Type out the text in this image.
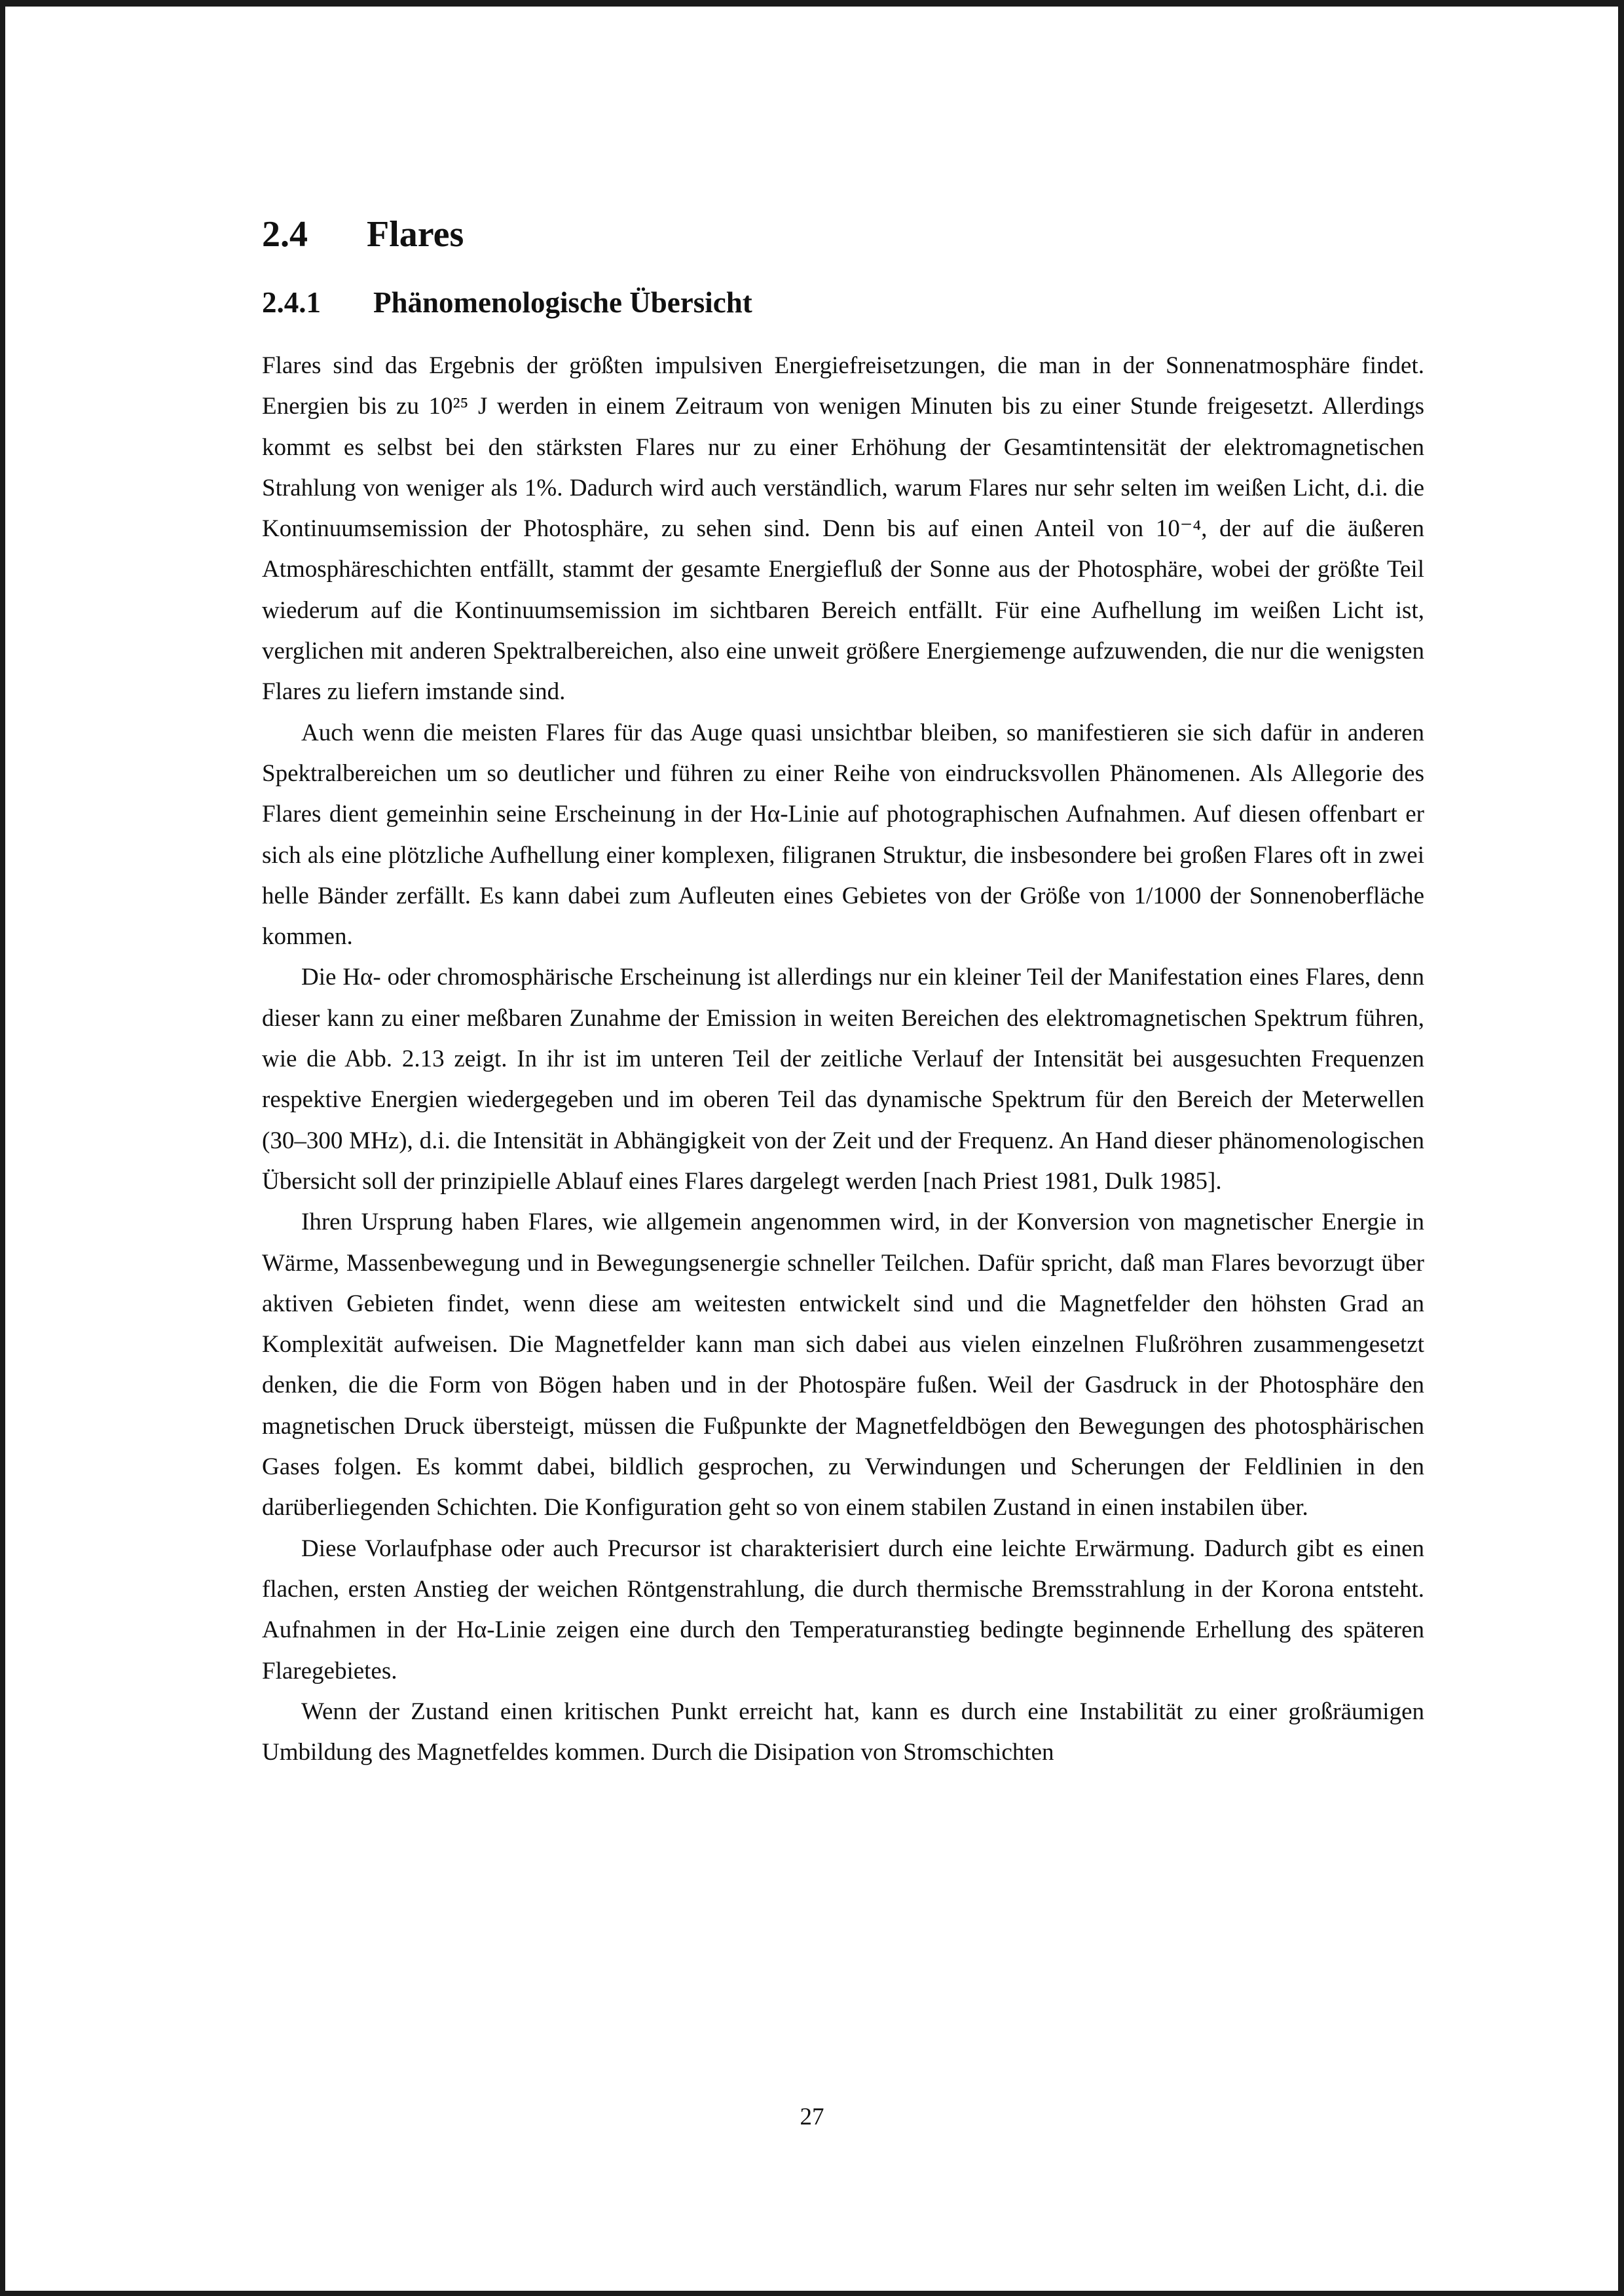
2.4 Flares
2.4.1 Phänomenologische Übersicht

Flares sind das Ergebnis der größten impulsiven Energiefreisetzungen, die man in der Sonnenatmosphäre findet. Energien bis zu 10²⁵ J werden in einem Zeitraum von wenigen Minuten bis zu einer Stunde freigesetzt. Allerdings kommt es selbst bei den stärksten Flares nur zu einer Erhöhung der Gesamtintensität der elektromagnetischen Strahlung von weniger als 1%. Dadurch wird auch verständlich, warum Flares nur sehr selten im weißen Licht, d.i. die Kontinuumsemission der Photosphäre, zu sehen sind. Denn bis auf einen Anteil von 10⁻⁴, der auf die äußeren Atmosphäreschichten entfällt, stammt der gesamte Energiefluß der Sonne aus der Photosphäre, wobei der größte Teil wiederum auf die Kontinuumsemission im sichtbaren Bereich entfällt. Für eine Aufhellung im weißen Licht ist, verglichen mit anderen Spektralbereichen, also eine unweit größere Energiemenge aufzuwenden, die nur die wenigsten Flares zu liefern imstande sind.

Auch wenn die meisten Flares für das Auge quasi unsichtbar bleiben, so manifestieren sie sich dafür in anderen Spektralbereichen um so deutlicher und führen zu einer Reihe von eindrucksvollen Phänomenen. Als Allegorie des Flares dient gemeinhin seine Erscheinung in der Hα-Linie auf photographischen Aufnahmen. Auf diesen offenbart er sich als eine plötzliche Aufhellung einer komplexen, filigranen Struktur, die insbesondere bei großen Flares oft in zwei helle Bänder zerfällt. Es kann dabei zum Aufleuten eines Gebietes von der Größe von 1/1000 der Sonnenoberfläche kommen.

Die Hα- oder chromosphärische Erscheinung ist allerdings nur ein kleiner Teil der Manifestation eines Flares, denn dieser kann zu einer meßbaren Zunahme der Emission in weiten Bereichen des elektromagnetischen Spektrum führen, wie die Abb. 2.13 zeigt. In ihr ist im unteren Teil der zeitliche Verlauf der Intensität bei ausgesuchten Frequenzen respektive Energien wiedergegeben und im oberen Teil das dynamische Spektrum für den Bereich der Meterwellen (30–300 MHz), d.i. die Intensität in Abhängigkeit von der Zeit und der Frequenz. An Hand dieser phänomenologischen Übersicht soll der prinzipielle Ablauf eines Flares dargelegt werden [nach Priest 1981, Dulk 1985].

Ihren Ursprung haben Flares, wie allgemein angenommen wird, in der Konversion von magnetischer Energie in Wärme, Massenbewegung und in Bewegungsenergie schneller Teilchen. Dafür spricht, daß man Flares bevorzugt über aktiven Gebieten findet, wenn diese am weitesten entwickelt sind und die Magnetfelder den höhsten Grad an Komplexität aufweisen. Die Magnetfelder kann man sich dabei aus vielen einzelnen Flußröhren zusammengesetzt denken, die die Form von Bögen haben und in der Photospäre fußen. Weil der Gasdruck in der Photosphäre den magnetischen Druck übersteigt, müssen die Fußpunkte der Magnetfeldbögen den Bewegungen des photosphärischen Gases folgen. Es kommt dabei, bildlich gesprochen, zu Verwindungen und Scherungen der Feldlinien in den darüberliegenden Schichten. Die Konfiguration geht so von einem stabilen Zustand in einen instabilen über.

Diese Vorlaufphase oder auch Precursor ist charakterisiert durch eine leichte Erwärmung. Dadurch gibt es einen flachen, ersten Anstieg der weichen Röntgenstrahlung, die durch thermische Bremsstrahlung in der Korona entsteht. Aufnahmen in der Hα-Linie zeigen eine durch den Temperaturanstieg bedingte beginnende Erhellung des späteren Flaregebietes.

Wenn der Zustand einen kritischen Punkt erreicht hat, kann es durch eine Instabilität zu einer großräumigen Umbildung des Magnetfeldes kommen. Durch die Disipation von Stromschichten

27
